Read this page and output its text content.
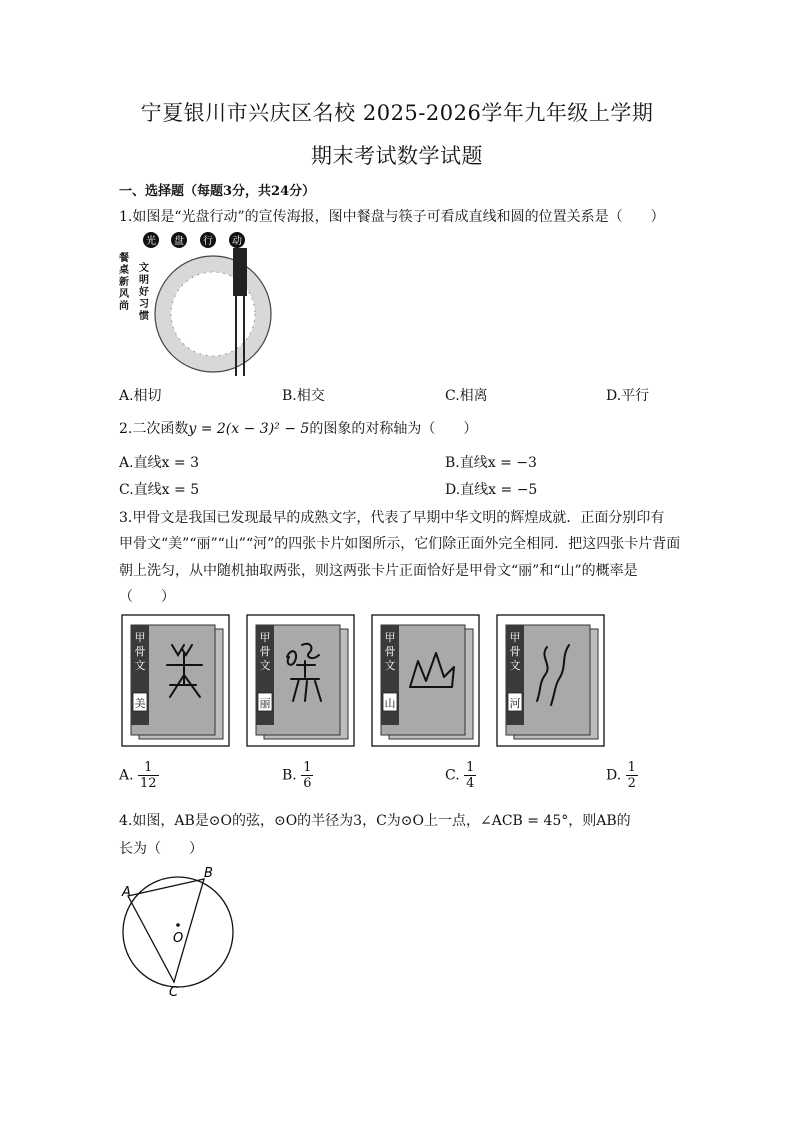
宁夏银川市兴庆区名校 2025-2026学年九年级上学期
期末考试数学试题
一、选择题（每题3分，共24分）
1.如图是“光盘行动”的宣传海报，图中餐盘与筷子可看成直线和圆的位置关系是（　　）
光 盘 行 动
餐
桌
新
风
尚
文
明
好
习
惯
A.相切	B.相交	C.相离	D.平行
2.二次函数y = 2(x − 3)² − 5的图象的对称轴为（　　）
A.直线x = 3	B.直线x = −3
C.直线x = 5	D.直线x = −5
3.甲骨文是我国已发现最早的成熟文字，代表了早期中华文明的辉煌成就．正面分别印有
甲骨文“美”“丽”“山”“河”的四张卡片如图所示，它们除正面外完全相同．把这四张卡片背面
朝上洗匀，从中随机抽取两张，则这两张卡片正面恰好是甲骨文“丽”和“山”的概率是
（　　）
甲
骨
文
美
甲
骨
文
丽
甲
骨
文
山
甲
骨
文
河
A. $\frac{1}{12}$	B. $\frac{1}{6}$	C. $\frac{1}{4}$	D. $\frac{1}{2}$
4.如图，AB是⊙O的弦，⊙O的半径为3，C为⊙O上一点，∠ACB = 45°，则AB的
长为（　　）
A
B
C
O
